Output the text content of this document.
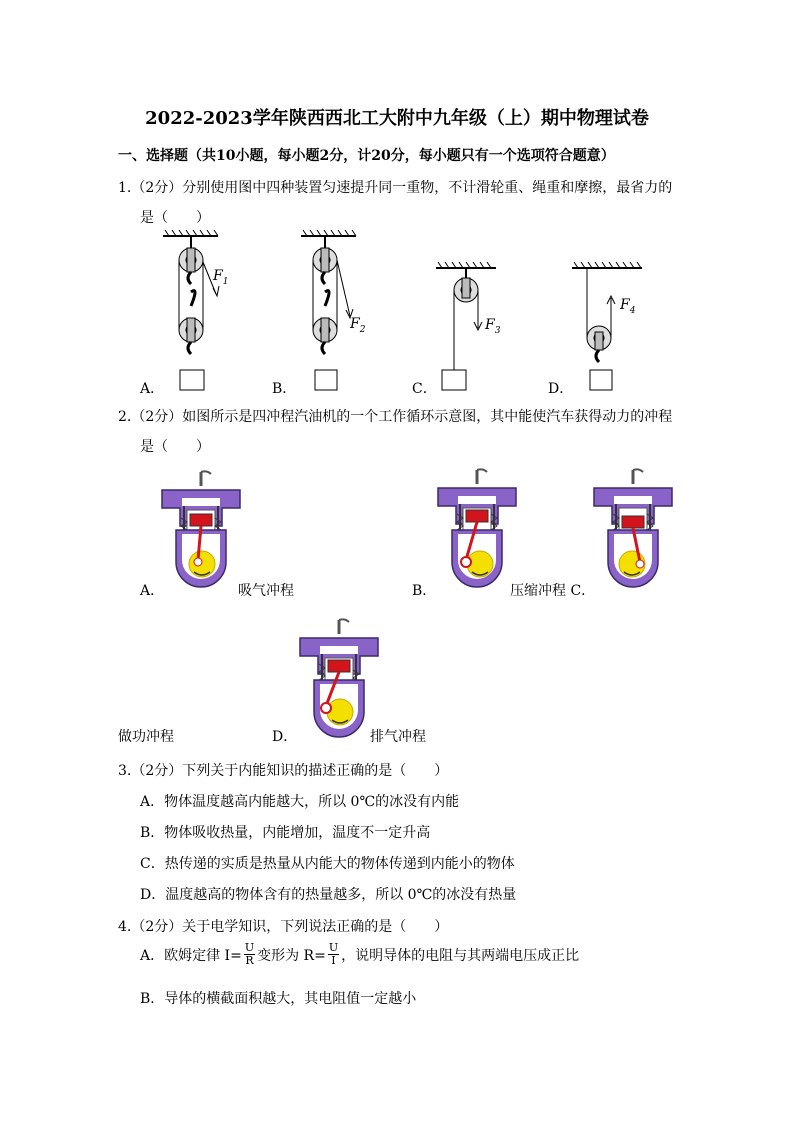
2022-2023学年陕西西北工大附中九年级（上）期中物理试卷
一、选择题（共10小题，每小题2分，计20分，每小题只有一个选项符合题意）
1.（2分）分别使用图中四种装置匀速提升同一重物，不计滑轮重、绳重和摩擦，最省力的
是（　　）
$F_1$
$F_2$	$F_3$
$F_4$
A．	B．	C．	D．
2.（2分）如图所示是四冲程汽油机的一个工作循环示意图，其中能使汽车获得动力的冲程
是（　　）
A．	吸气冲程	B．	压缩冲程 C．
做功冲程	D．	排气冲程
3.（2分）下列关于内能知识的描述正确的是（　　）
A．物体温度越高内能越大，所以 0℃的冰没有内能
B．物体吸收热量，内能增加，温度不一定升高
C．热传递的实质是热量从内能大的物体传递到内能小的物体
D．温度越高的物体含有的热量越多，所以 0℃的冰没有热量
4.（2分）关于电学知识，下列说法正确的是（　　）
A．欧姆定律 $I= \frac{U}{R}$ 变形为 $R= \frac{U}{I}$ ，说明导体的电阻与其两端电压成正比
B．导体的横截面积越大，其电阻值一定越小
